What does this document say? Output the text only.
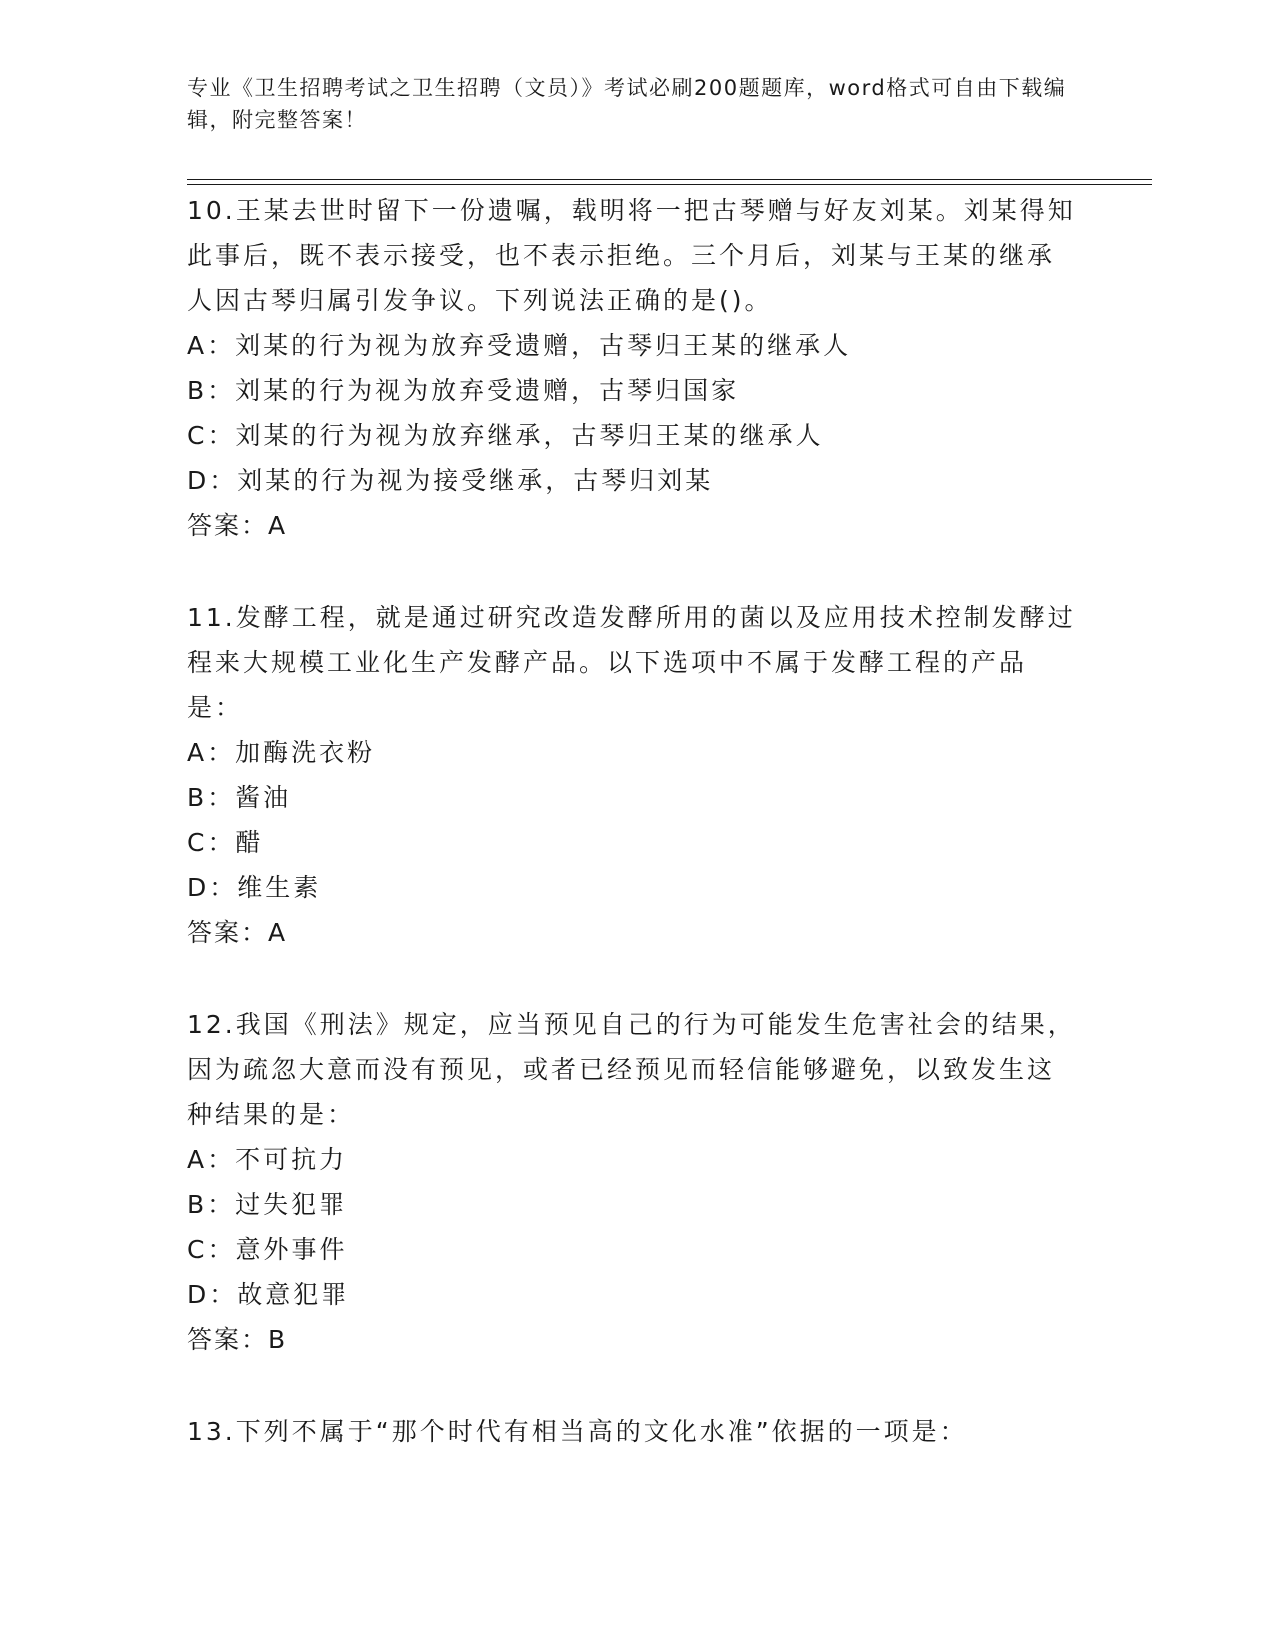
专业《卫生招聘考试之卫生招聘（文员）》考试必刷200题题库，word格式可自由下载编辑，附完整答案！
10.王某去世时留下一份遗嘱，载明将一把古琴赠与好友刘某。刘某得知此事后，既不表示接受，也不表示拒绝。三个月后，刘某与王某的继承人因古琴归属引发争议。下列说法正确的是()。
A：刘某的行为视为放弃受遗赠，古琴归王某的继承人
B：刘某的行为视为放弃受遗赠，古琴归国家
C：刘某的行为视为放弃继承，古琴归王某的继承人
D：刘某的行为视为接受继承，古琴归刘某
答案：A
11.发酵工程，就是通过研究改造发酵所用的菌以及应用技术控制发酵过程来大规模工业化生产发酵产品。以下选项中不属于发酵工程的产品是：
A：加酶洗衣粉
B：酱油
C：醋
D：维生素
答案：A
12.我国《刑法》规定，应当预见自己的行为可能发生危害社会的结果，因为疏忽大意而没有预见，或者已经预见而轻信能够避免，以致发生这种结果的是：
A：不可抗力
B：过失犯罪
C：意外事件
D：故意犯罪
答案：B
13.下列不属于“那个时代有相当高的文化水准”依据的一项是：
